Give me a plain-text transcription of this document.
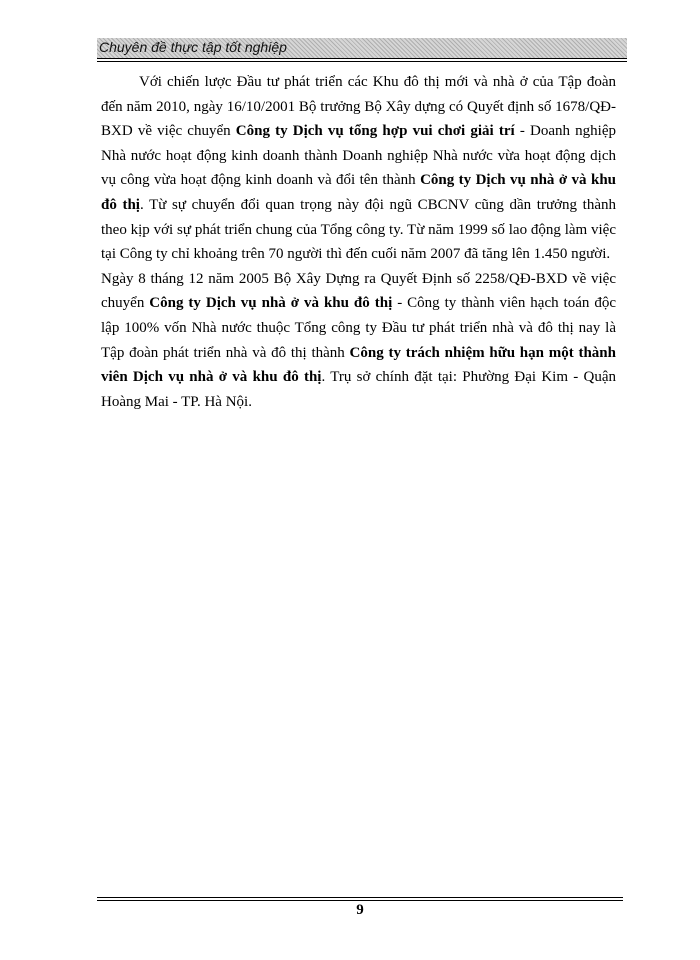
Chuyên đề thực tập tốt nghiệp

Với chiến lược Đầu tư phát triển các Khu đô thị mới và nhà ở của Tập đoàn đến năm 2010, ngày 16/10/2001 Bộ trưởng Bộ Xây dựng có Quyết định số 1678/QĐ-BXD về việc chuyển Công ty Dịch vụ tổng hợp vui chơi giải trí - Doanh nghiệp Nhà nước hoạt động kinh doanh thành Doanh nghiệp Nhà nước vừa hoạt động dịch vụ công vừa hoạt động kinh doanh và đổi tên thành Công ty Dịch vụ nhà ở và khu đô thị. Từ sự chuyển đổi quan trọng này đội ngũ CBCNV cũng dần trưởng thành theo kịp với sự phát triển chung của Tổng công ty. Từ năm 1999 số lao động làm việc tại Công ty chỉ khoảng trên 70 người thì đến cuối năm 2007 đã tăng lên 1.450 người.

Ngày 8 tháng 12 năm 2005 Bộ Xây Dựng ra Quyết Định số 2258/QĐ-BXD về việc chuyển Công ty Dịch vụ nhà ở và khu đô thị - Công ty thành viên hạch toán độc lập 100% vốn Nhà nước thuộc Tổng công ty Đầu tư phát triển nhà và đô thị nay là Tập đoàn phát triển nhà và đô thị thành Công ty trách nhiệm hữu hạn một thành viên Dịch vụ nhà ở và khu đô thị. Trụ sở chính đặt tại: Phường Đại Kim - Quận Hoàng Mai - TP. Hà Nội.

9
